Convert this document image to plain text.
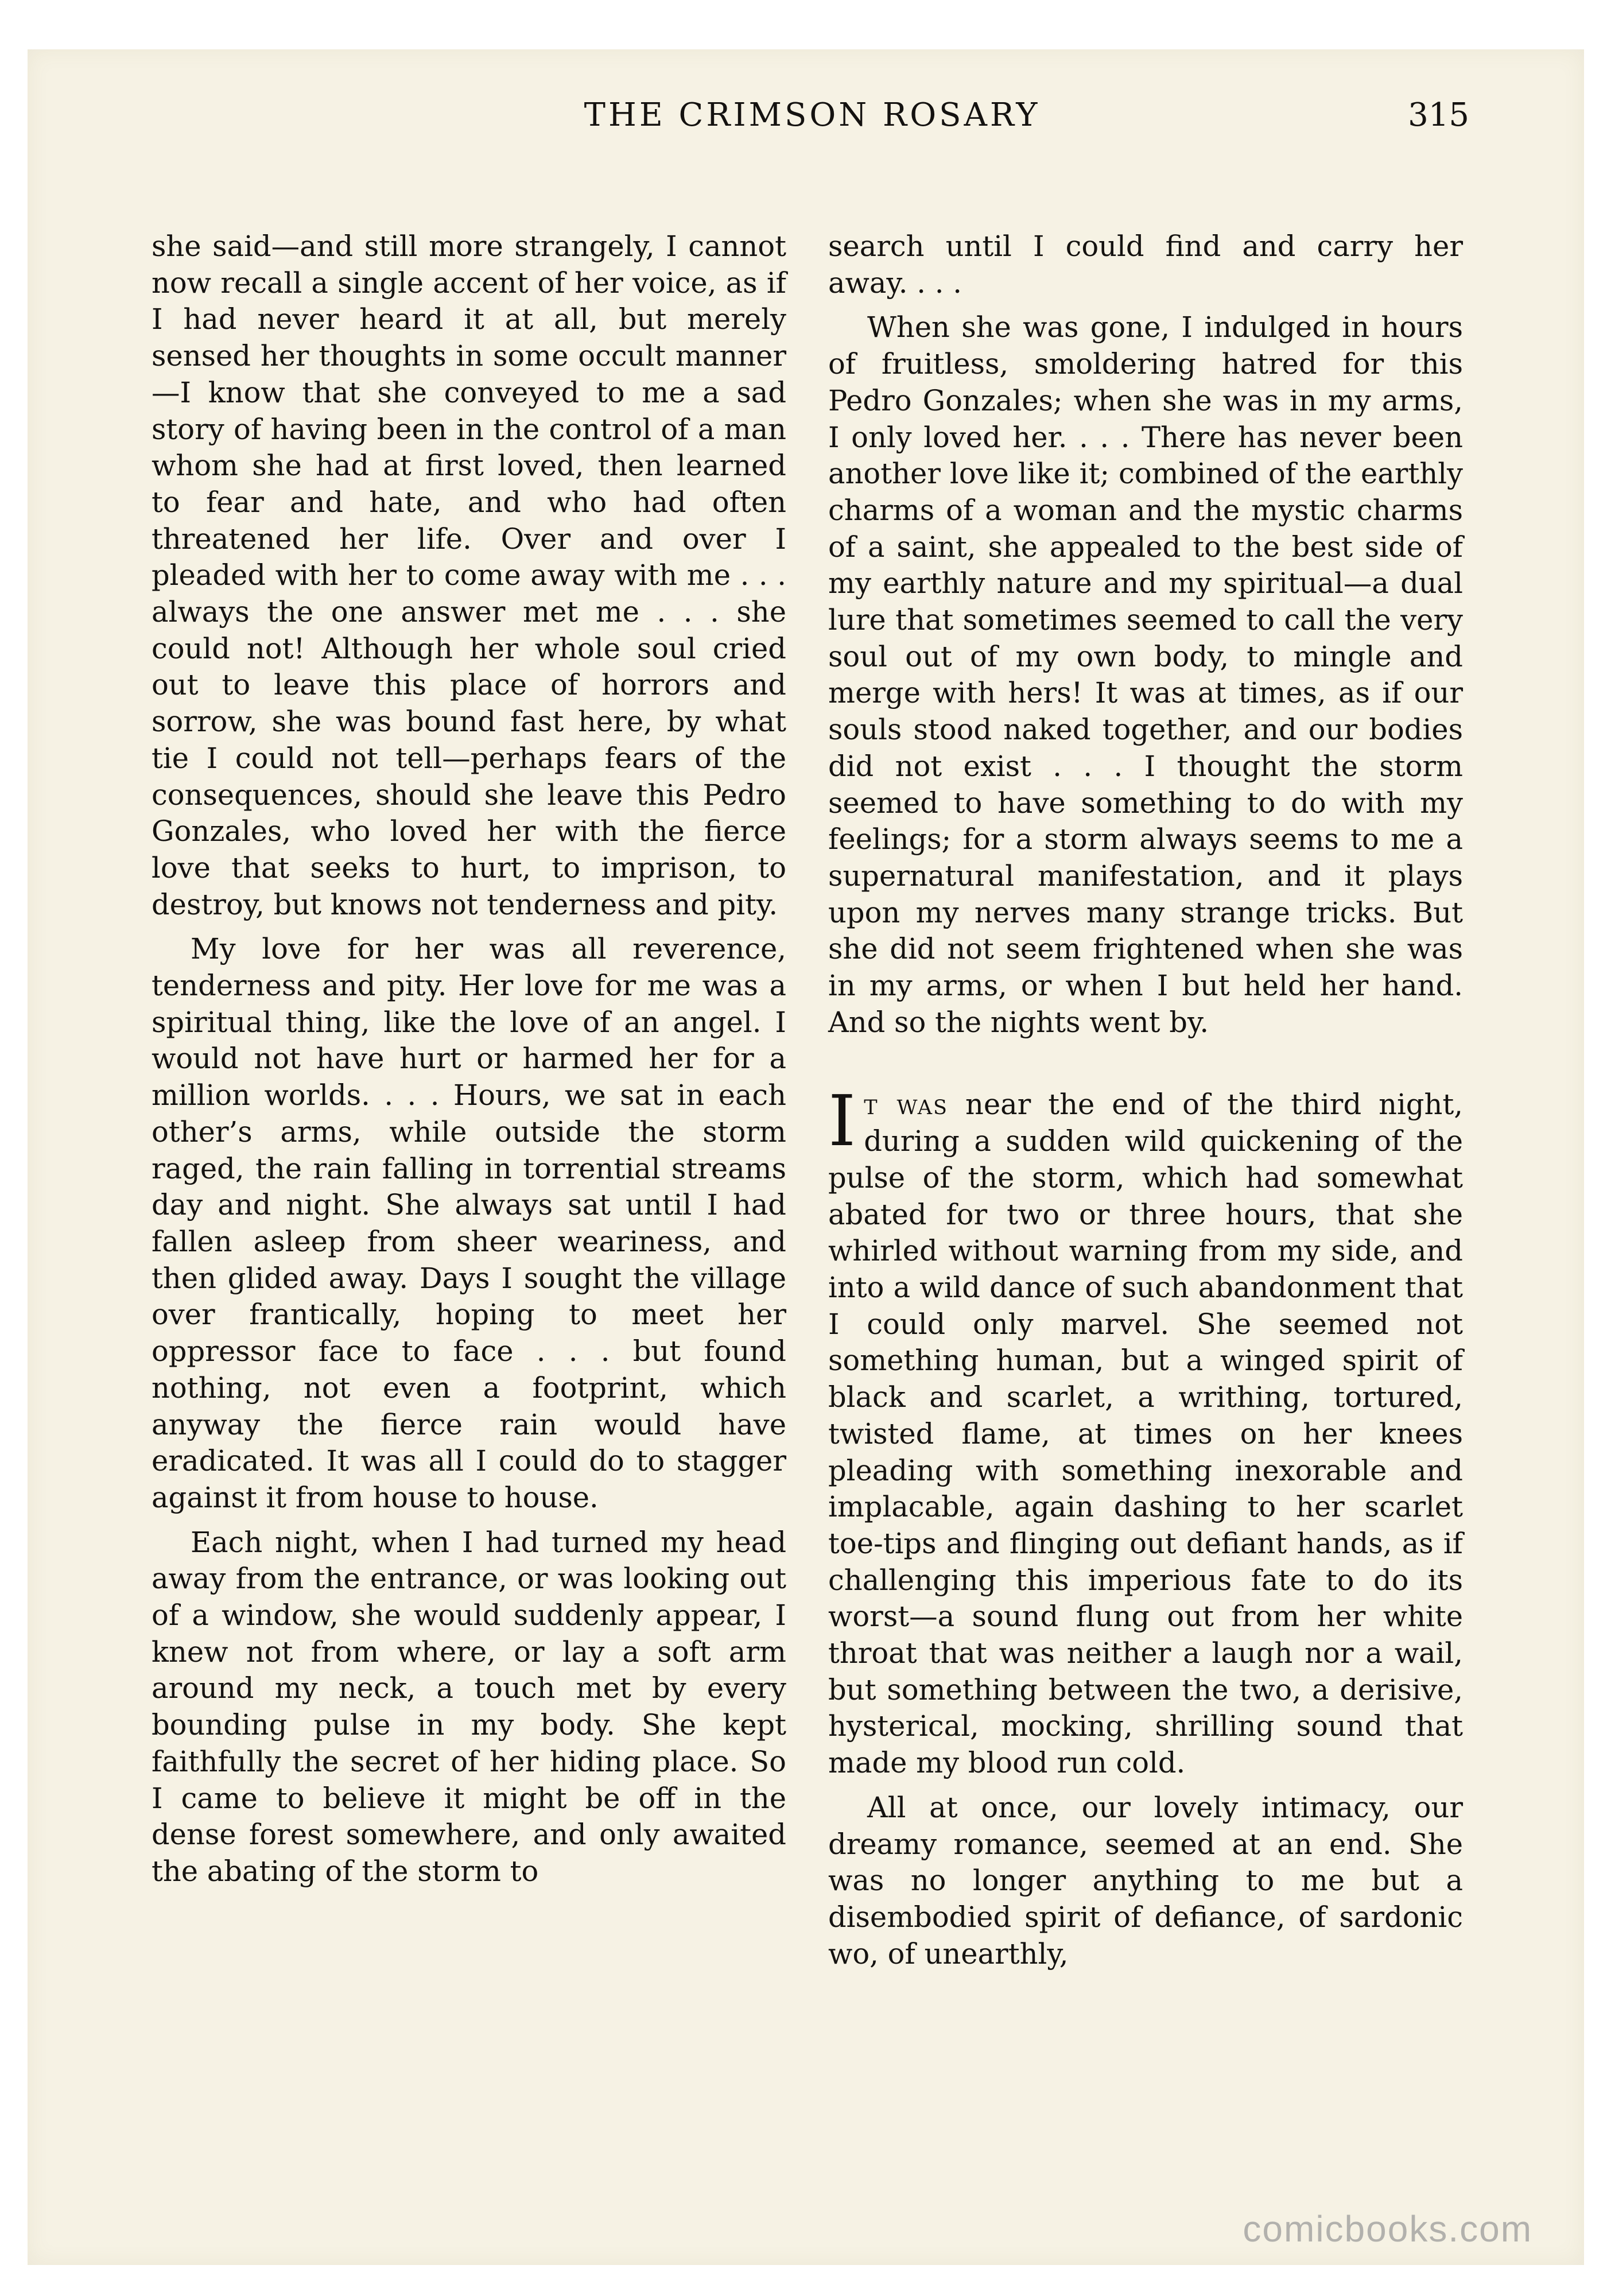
THE CRIMSON ROSARY	315

she said—and still more strangely, I cannot now recall a single accent of her voice, as if I had never heard it at all, but merely sensed her thoughts in some occult manner—I know that she conveyed to me a sad story of having been in the control of a man whom she had at first loved, then learned to fear and hate, and who had often threatened her life. Over and over I pleaded with her to come away with me . . . always the one answer met me . . . she could not! Although her whole soul cried out to leave this place of horrors and sorrow, she was bound fast here, by what tie I could not tell—perhaps fears of the consequences, should she leave this Pedro Gonzales, who loved her with the fierce love that seeks to hurt, to imprison, to destroy, but knows not tenderness and pity.

My love for her was all reverence, tenderness and pity. Her love for me was a spiritual thing, like the love of an angel. I would not have hurt or harmed her for a million worlds. . . . Hours, we sat in each other’s arms, while outside the storm raged, the rain falling in torrential streams day and night. She always sat until I had fallen asleep from sheer weariness, and then glided away. Days I sought the village over frantically, hoping to meet her oppressor face to face . . . but found nothing, not even a footprint, which anyway the fierce rain would have eradicated. It was all I could do to stagger against it from house to house.

Each night, when I had turned my head away from the entrance, or was looking out of a window, she would suddenly appear, I knew not from where, or lay a soft arm around my neck, a touch met by every bounding pulse in my body. She kept faithfully the secret of her hiding place. So I came to believe it might be off in the dense forest somewhere, and only awaited the abating of the storm to

search until I could find and carry her away. . . .

When she was gone, I indulged in hours of fruitless, smoldering hatred for this Pedro Gonzales; when she was in my arms, I only loved her. . . . There has never been another love like it; combined of the earthly charms of a woman and the mystic charms of a saint, she appealed to the best side of my earthly nature and my spiritual—a dual lure that sometimes seemed to call the very soul out of my own body, to mingle and merge with hers! It was at times, as if our souls stood naked together, and our bodies did not exist . . . I thought the storm seemed to have something to do with my feelings; for a storm always seems to me a supernatural manifestation, and it plays upon my nerves many strange tricks. But she did not seem frightened when she was in my arms, or when I but held her hand. And so the nights went by.

It was near the end of the third night, during a sudden wild quickening of the pulse of the storm, which had somewhat abated for two or three hours, that she whirled without warning from my side, and into a wild dance of such abandonment that I could only marvel. She seemed not something human, but a winged spirit of black and scarlet, a writhing, tortured, twisted flame, at times on her knees pleading with something inexorable and implacable, again dashing to her scarlet toe-tips and flinging out defiant hands, as if challenging this imperious fate to do its worst—a sound flung out from her white throat that was neither a laugh nor a wail, but something between the two, a derisive, hysterical, mocking, shrilling sound that made my blood run cold.

All at once, our lovely intimacy, our dreamy romance, seemed at an end. She was no longer anything to me but a disembodied spirit of defiance, of sardonic wo, of unearthly,

comicbooks.com
